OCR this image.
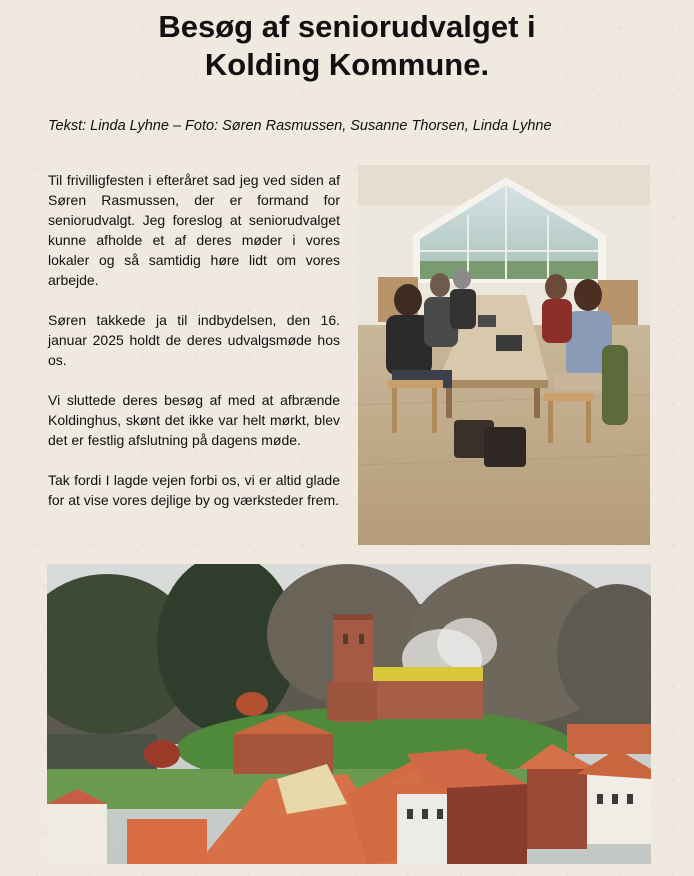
Besøg af seniorudvalget i
Kolding Kommune.

Tekst: Linda Lyhne – Foto: Søren Rasmussen, Susanne Thorsen, Linda Lyhne

Til frivilligfesten i efteråret sad jeg ved siden af Søren Rasmussen, der er formand for seniorudvalgt. Jeg foreslog at seniorudvalget kunne afholde et af deres møder i vores lokaler og så samtidig høre lidt om vores arbejde.

Søren takkede ja til indbydelsen, den 16. januar 2025 holdt de deres udvalgsmøde hos os.

Vi sluttede deres besøg af med at afbrænde Koldinghus, skønt det ikke var helt mørkt, blev det er festlig afslutning på dagens møde.

Tak fordi I lagde vejen forbi os, vi er altid glade for at vise vores dejlige by og værksteder frem.
